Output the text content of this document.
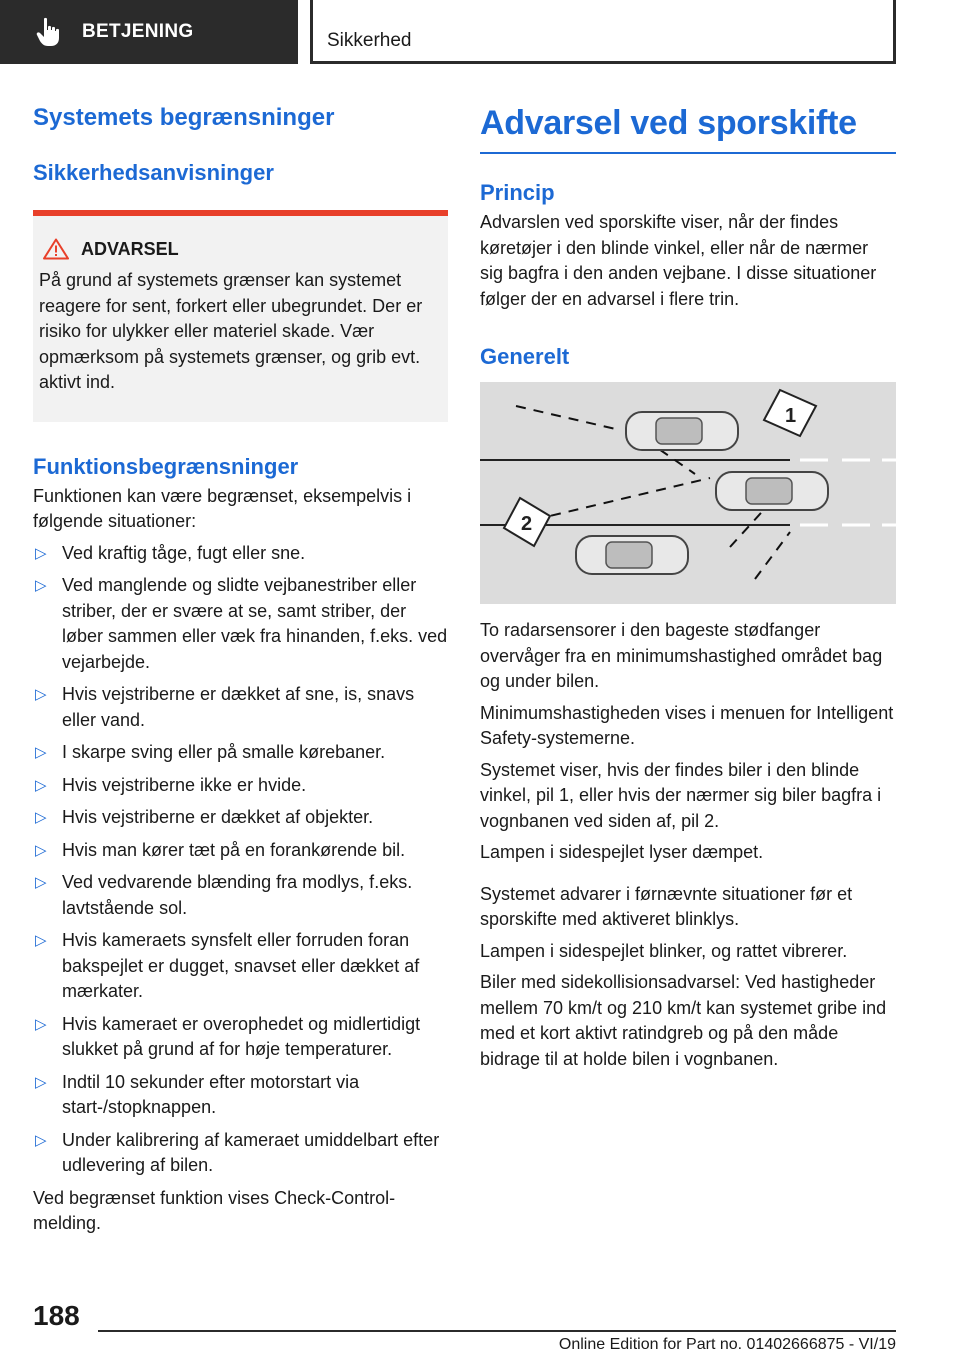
BETJENING	Sikkerhed
Systemets begrænsninger
Sikkerhedsanvisninger
ADVARSEL
På grund af systemets grænser kan systemet reagere for sent, forkert eller ubegrundet. Der er risiko for ulykker eller materiel skade. Vær opmærksom på systemets grænser, og grib evt. aktivt ind.
Funktionsbegrænsninger
Funktionen kan være begrænset, eksempelvis i følgende situationer:
▷ Ved kraftig tåge, fugt eller sne.
▷ Ved manglende og slidte vejbanestriber eller striber, der er svære at se, samt striber, der løber sammen eller væk fra hinanden, f.eks. ved vejarbejde.
▷ Hvis vejstriberne er dækket af sne, is, snavs eller vand.
▷ I skarpe sving eller på smalle kørebaner.
▷ Hvis vejstriberne ikke er hvide.
▷ Hvis vejstriberne er dækket af objekter.
▷ Hvis man kører tæt på en forankørende bil.
▷ Ved vedvarende blænding fra modlys, f.eks. lavtstående sol.
▷ Hvis kameraets synsfelt eller forruden foran bakspejlet er dugget, snavset eller dækket af mærkater.
▷ Hvis kameraet er overophedet og midlertidigt slukket på grund af for høje temperaturer.
▷ Indtil 10 sekunder efter motorstart via start-/stopknappen.
▷ Under kalibrering af kameraet umiddelbart efter udlevering af bilen.
Ved begrænset funktion vises Check-Control-melding.
Advarsel ved sporskifte
Princip
Advarslen ved sporskifte viser, når der findes køretøjer i den blinde vinkel, eller når de nærmer sig bagfra i den anden vejbane. I disse situationer følger der en advarsel i flere trin.
Generelt
1
2
To radarsensorer i den bageste stødfanger overvåger fra en minimumshastighed området bag og under bilen.
Minimumshastigheden vises i menuen for Intelligent Safety-systemerne.
Systemet viser, hvis der findes biler i den blinde vinkel, pil 1, eller hvis der nærmer sig biler bagfra i vognbanen ved siden af, pil 2.
Lampen i sidespejlet lyser dæmpet.
Systemet advarer i førnævnte situationer før et sporskifte med aktiveret blinklys.
Lampen i sidespejlet blinker, og rattet vibrerer.
Biler med sidekollisionsadvarsel: Ved hastigheder mellem 70 km/t og 210 km/t kan systemet gribe ind med et kort aktivt ratindgreb og på den måde bidrage til at holde bilen i vognbanen.
188
Online Edition for Part no. 01402666875 - VI/19
